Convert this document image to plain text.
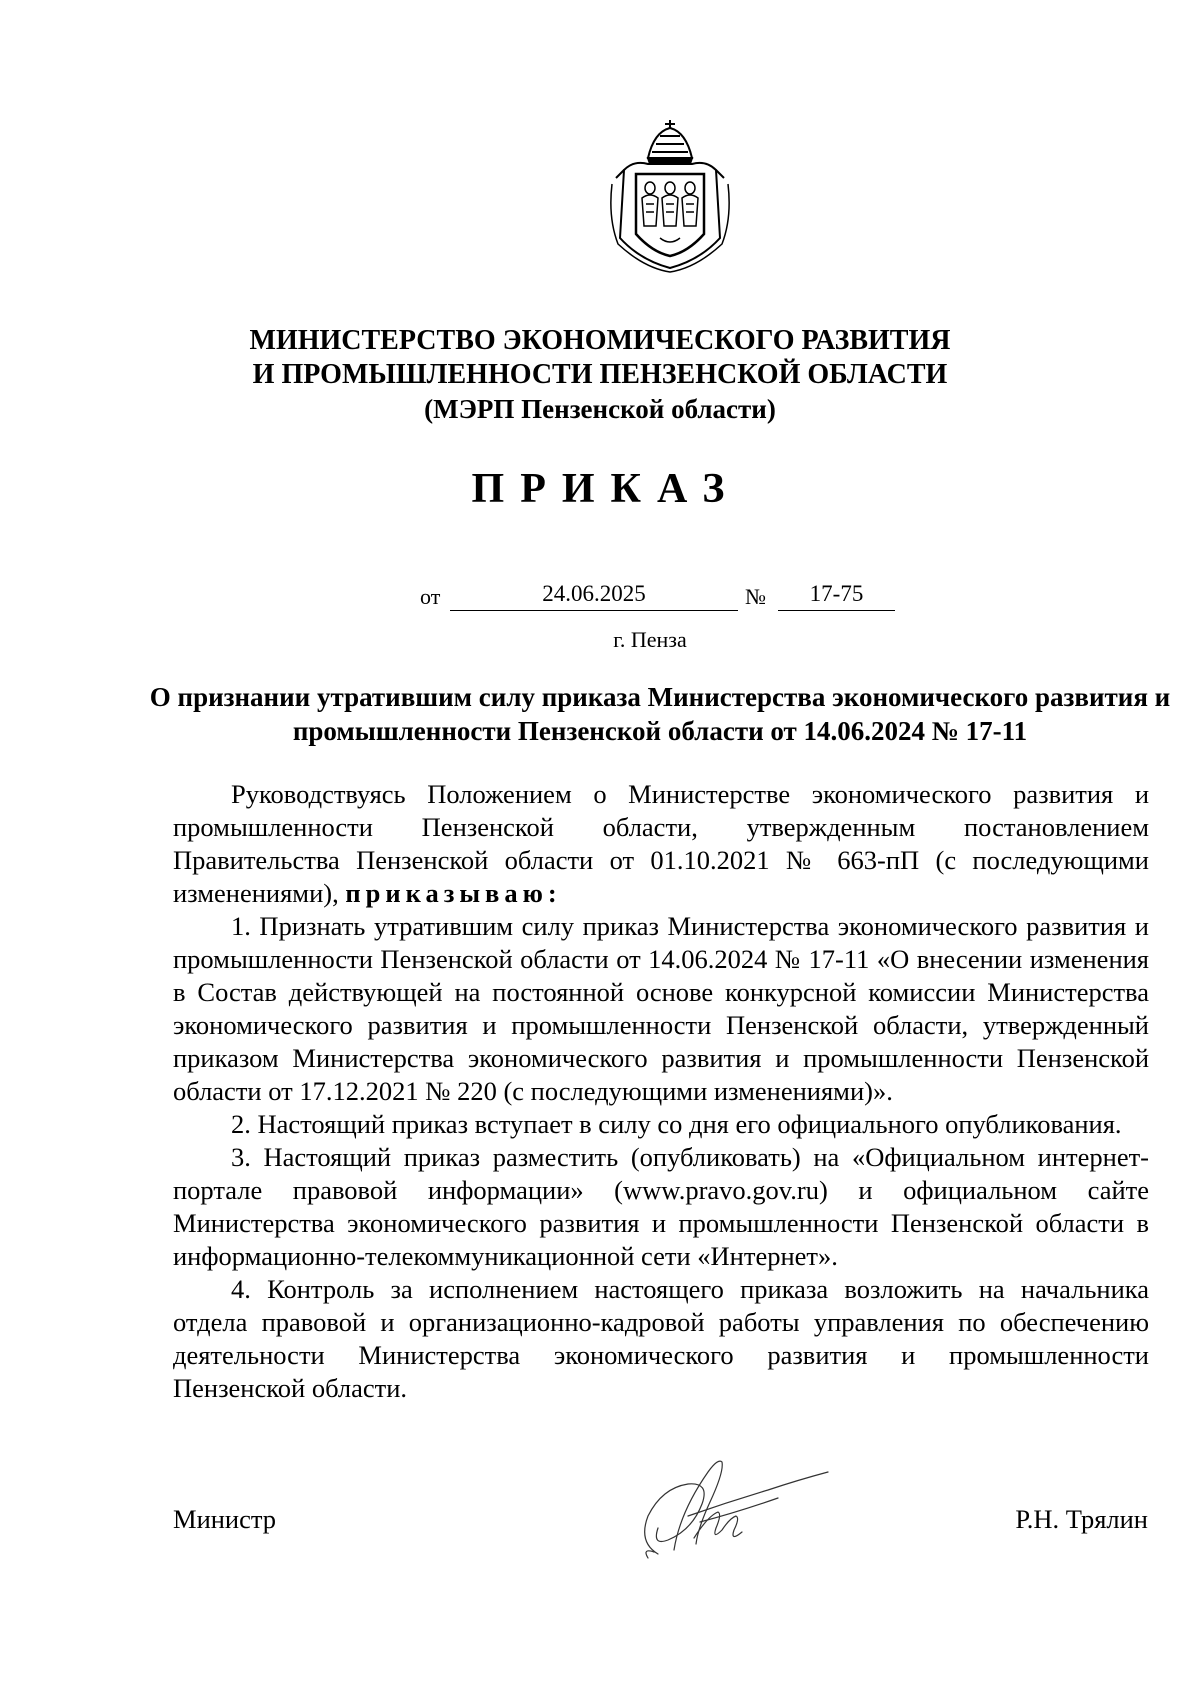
МИНИСТЕРСТВО ЭКОНОМИЧЕСКОГО РАЗВИТИЯ
И ПРОМЫШЛЕННОСТИ ПЕНЗЕНСКОЙ ОБЛАСТИ
(МЭРП Пензенской области)
ПРИКАЗ
от	24.06.2025	№	17-75
г. Пенза
О признании утратившим силу приказа Министерства экономического развития и промышленности Пензенской области от 14.06.2024 № 17-11

Руководствуясь Положением о Министерстве экономического развития и промышленности Пензенской области, утвержденным постановлением Правительства Пензенской области от 01.10.2021 № 663-пП (с последующими изменениями), приказываю:

1. Признать утратившим силу приказ Министерства экономического развития и промышленности Пензенской области от 14.06.2024 № 17-11 «О внесении изменения в Состав действующей на постоянной основе конкурсной комиссии Министерства экономического развития и промышленности Пензенской области, утвержденный приказом Министерства экономического развития и промышленности Пензенской области от 17.12.2021 № 220 (с последующими изменениями)».

2. Настоящий приказ вступает в силу со дня его официального опубликования.

3. Настоящий приказ разместить (опубликовать) на «Официальном интернет-портале правовой информации» (www.pravo.gov.ru) и официальном сайте Министерства экономического развития и промышленности Пензенской области в информационно-телекоммуникационной сети «Интернет».

4. Контроль за исполнением настоящего приказа возложить на начальника отдела правовой и организационно-кадровой работы управления по обеспечению деятельности Министерства экономического развития и промышленности Пензенской области.

Министр	Р.Н. Трялин
